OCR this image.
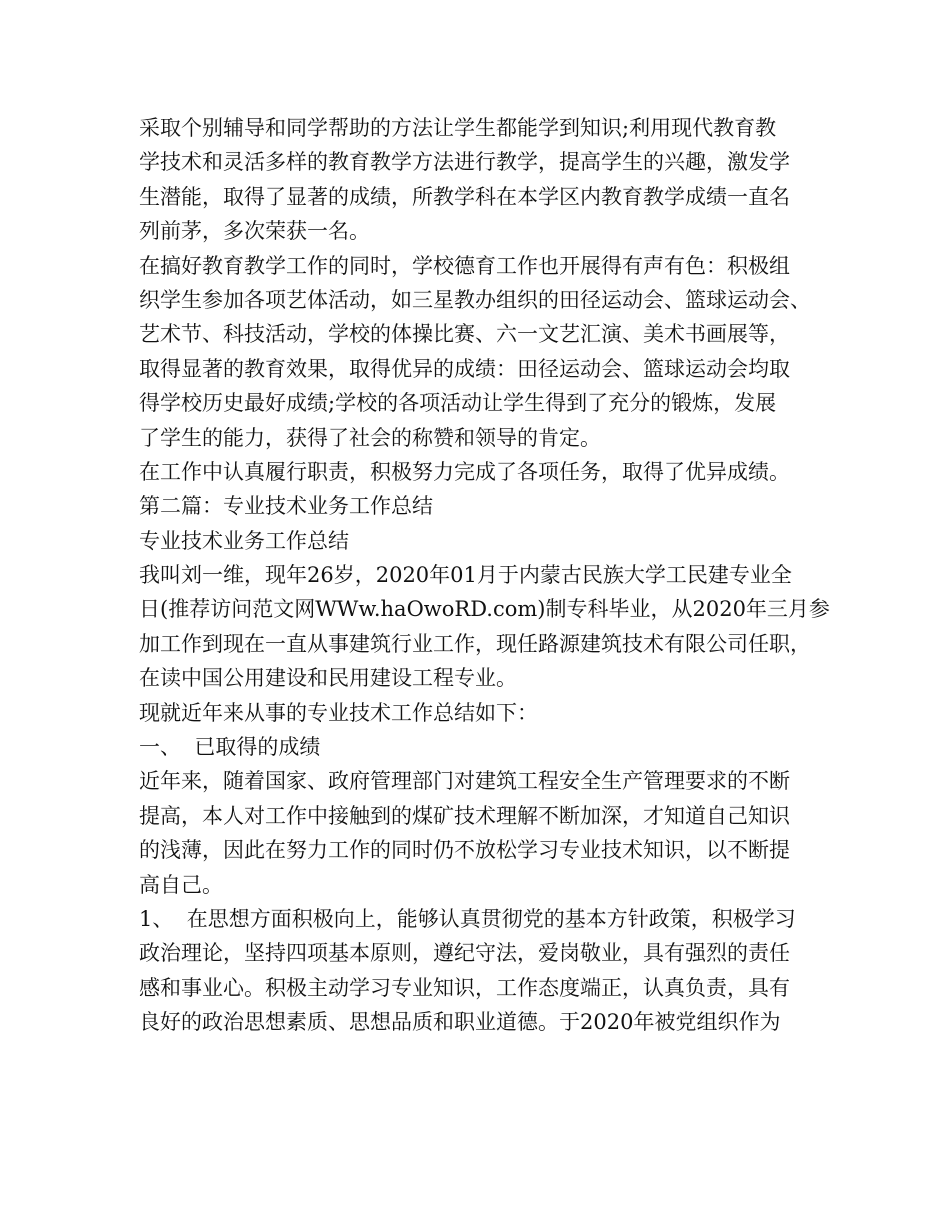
采取个别辅导和同学帮助的方法让学生都能学到知识;利用现代教育教
学技术和灵活多样的教育教学方法进行教学，提高学生的兴趣，激发学
生潜能，取得了显著的成绩，所教学科在本学区内教育教学成绩一直名
列前茅，多次荣获一名。
在搞好教育教学工作的同时，学校德育工作也开展得有声有色：积极组
织学生参加各项艺体活动，如三星教办组织的田径运动会、篮球运动会、
艺术节、科技活动，学校的体操比赛、六一文艺汇演、美术书画展等，
取得显著的教育效果，取得优异的成绩：田径运动会、篮球运动会均取
得学校历史最好成绩;学校的各项活动让学生得到了充分的锻炼，发展
了学生的能力，获得了社会的称赞和领导的肯定。
在工作中认真履行职责，积极努力完成了各项任务，取得了优异成绩。
第二篇：专业技术业务工作总结
专业技术业务工作总结
我叫刘一维，现年26岁，2020年01月于内蒙古民族大学工民建专业全
日(推荐访问范文网WWw.haOwoRD.com)制专科毕业，从2020年三月参
加工作到现在一直从事建筑行业工作，现任路源建筑技术有限公司任职，
在读中国公用建设和民用建设工程专业。
现就近年来从事的专业技术工作总结如下：
一、  已取得的成绩
近年来，随着国家、政府管理部门对建筑工程安全生产管理要求的不断
提高，本人对工作中接触到的煤矿技术理解不断加深，才知道自己知识
的浅薄，因此在努力工作的同时仍不放松学习专业技术知识，以不断提
高自己。
1、  在思想方面积极向上，能够认真贯彻党的基本方针政策，积极学习
政治理论，坚持四项基本原则，遵纪守法，爱岗敬业，具有强烈的责任
感和事业心。积极主动学习专业知识，工作态度端正，认真负责，具有
良好的政治思想素质、思想品质和职业道德。于2020年被党组织作为
